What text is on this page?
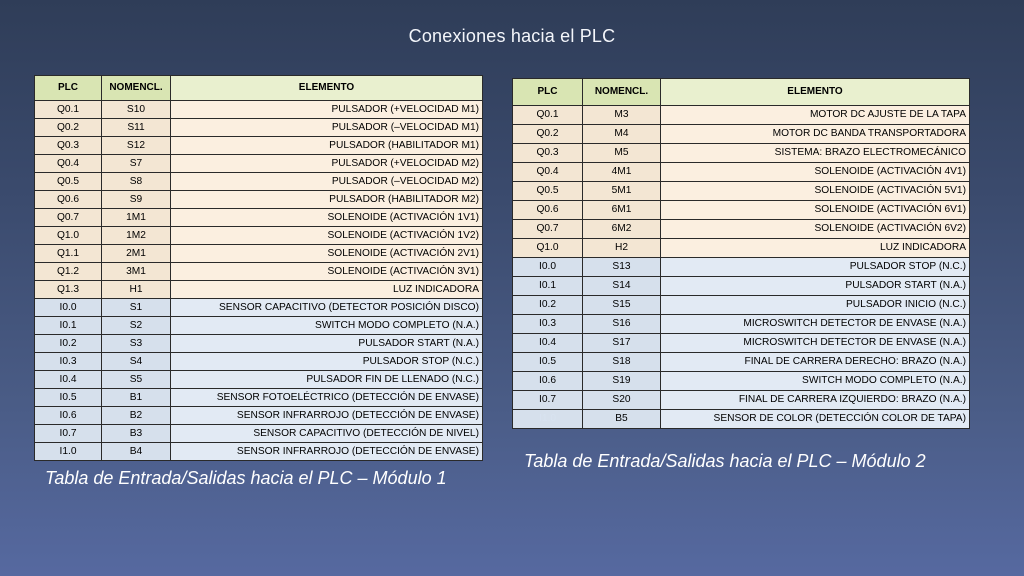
Conexiones hacia el PLC
PLC	NOMENCL.	ELEMENTO
Q0.1	S10	PULSADOR (+VELOCIDAD M1)
Q0.2	S11	PULSADOR (–VELOCIDAD M1)
Q0.3	S12	PULSADOR (HABILITADOR M1)
Q0.4	S7	PULSADOR (+VELOCIDAD M2)
Q0.5	S8	PULSADOR (–VELOCIDAD M2)
Q0.6	S9	PULSADOR (HABILITADOR M2)
Q0.7	1M1	SOLENOIDE (ACTIVACIÓN 1V1)
Q1.0	1M2	SOLENOIDE (ACTIVACIÓN 1V2)
Q1.1	2M1	SOLENOIDE (ACTIVACIÓN 2V1)
Q1.2	3M1	SOLENOIDE (ACTIVACIÓN 3V1)
Q1.3	H1	LUZ INDICADORA
I0.0	S1	SENSOR CAPACITIVO (DETECTOR POSICIÓN DISCO)
I0.1	S2	SWITCH MODO COMPLETO (N.A.)
I0.2	S3	PULSADOR START (N.A.)
I0.3	S4	PULSADOR STOP (N.C.)
I0.4	S5	PULSADOR FIN DE LLENADO (N.C.)
I0.5	B1	SENSOR FOTOELÉCTRICO (DETECCIÓN DE ENVASE)
I0.6	B2	SENSOR INFRARROJO (DETECCIÓN DE ENVASE)
I0.7	B3	SENSOR CAPACITIVO (DETECCIÓN DE NIVEL)
I1.0	B4	SENSOR INFRARROJO (DETECCIÓN DE ENVASE)
PLC	NOMENCL.	ELEMENTO
Q0.1	M3	MOTOR DC AJUSTE DE LA TAPA
Q0.2	M4	MOTOR DC BANDA TRANSPORTADORA
Q0.3	M5	SISTEMA: BRAZO ELECTROMECÁNICO
Q0.4	4M1	SOLENOIDE (ACTIVACIÓN 4V1)
Q0.5	5M1	SOLENOIDE (ACTIVACIÓN 5V1)
Q0.6	6M1	SOLENOIDE (ACTIVACIÓN 6V1)
Q0.7	6M2	SOLENOIDE (ACTIVACIÓN 6V2)
Q1.0	H2	LUZ INDICADORA
I0.0	S13	PULSADOR STOP (N.C.)
I0.1	S14	PULSADOR START (N.A.)
I0.2	S15	PULSADOR INICIO (N.C.)
I0.3	S16	MICROSWITCH DETECTOR DE ENVASE (N.A.)
I0.4	S17	MICROSWITCH DETECTOR DE ENVASE (N.A.)
I0.5	S18	FINAL DE CARRERA DERECHO: BRAZO (N.A.)
I0.6	S19	SWITCH MODO COMPLETO (N.A.)
I0.7	S20	FINAL DE CARRERA IZQUIERDO: BRAZO (N.A.)
I1.0	B5	SENSOR DE COLOR (DETECCIÓN COLOR DE TAPA)
Tabla de Entrada/Salidas hacia el PLC – Módulo 1
Tabla de Entrada/Salidas hacia el PLC – Módulo 2
